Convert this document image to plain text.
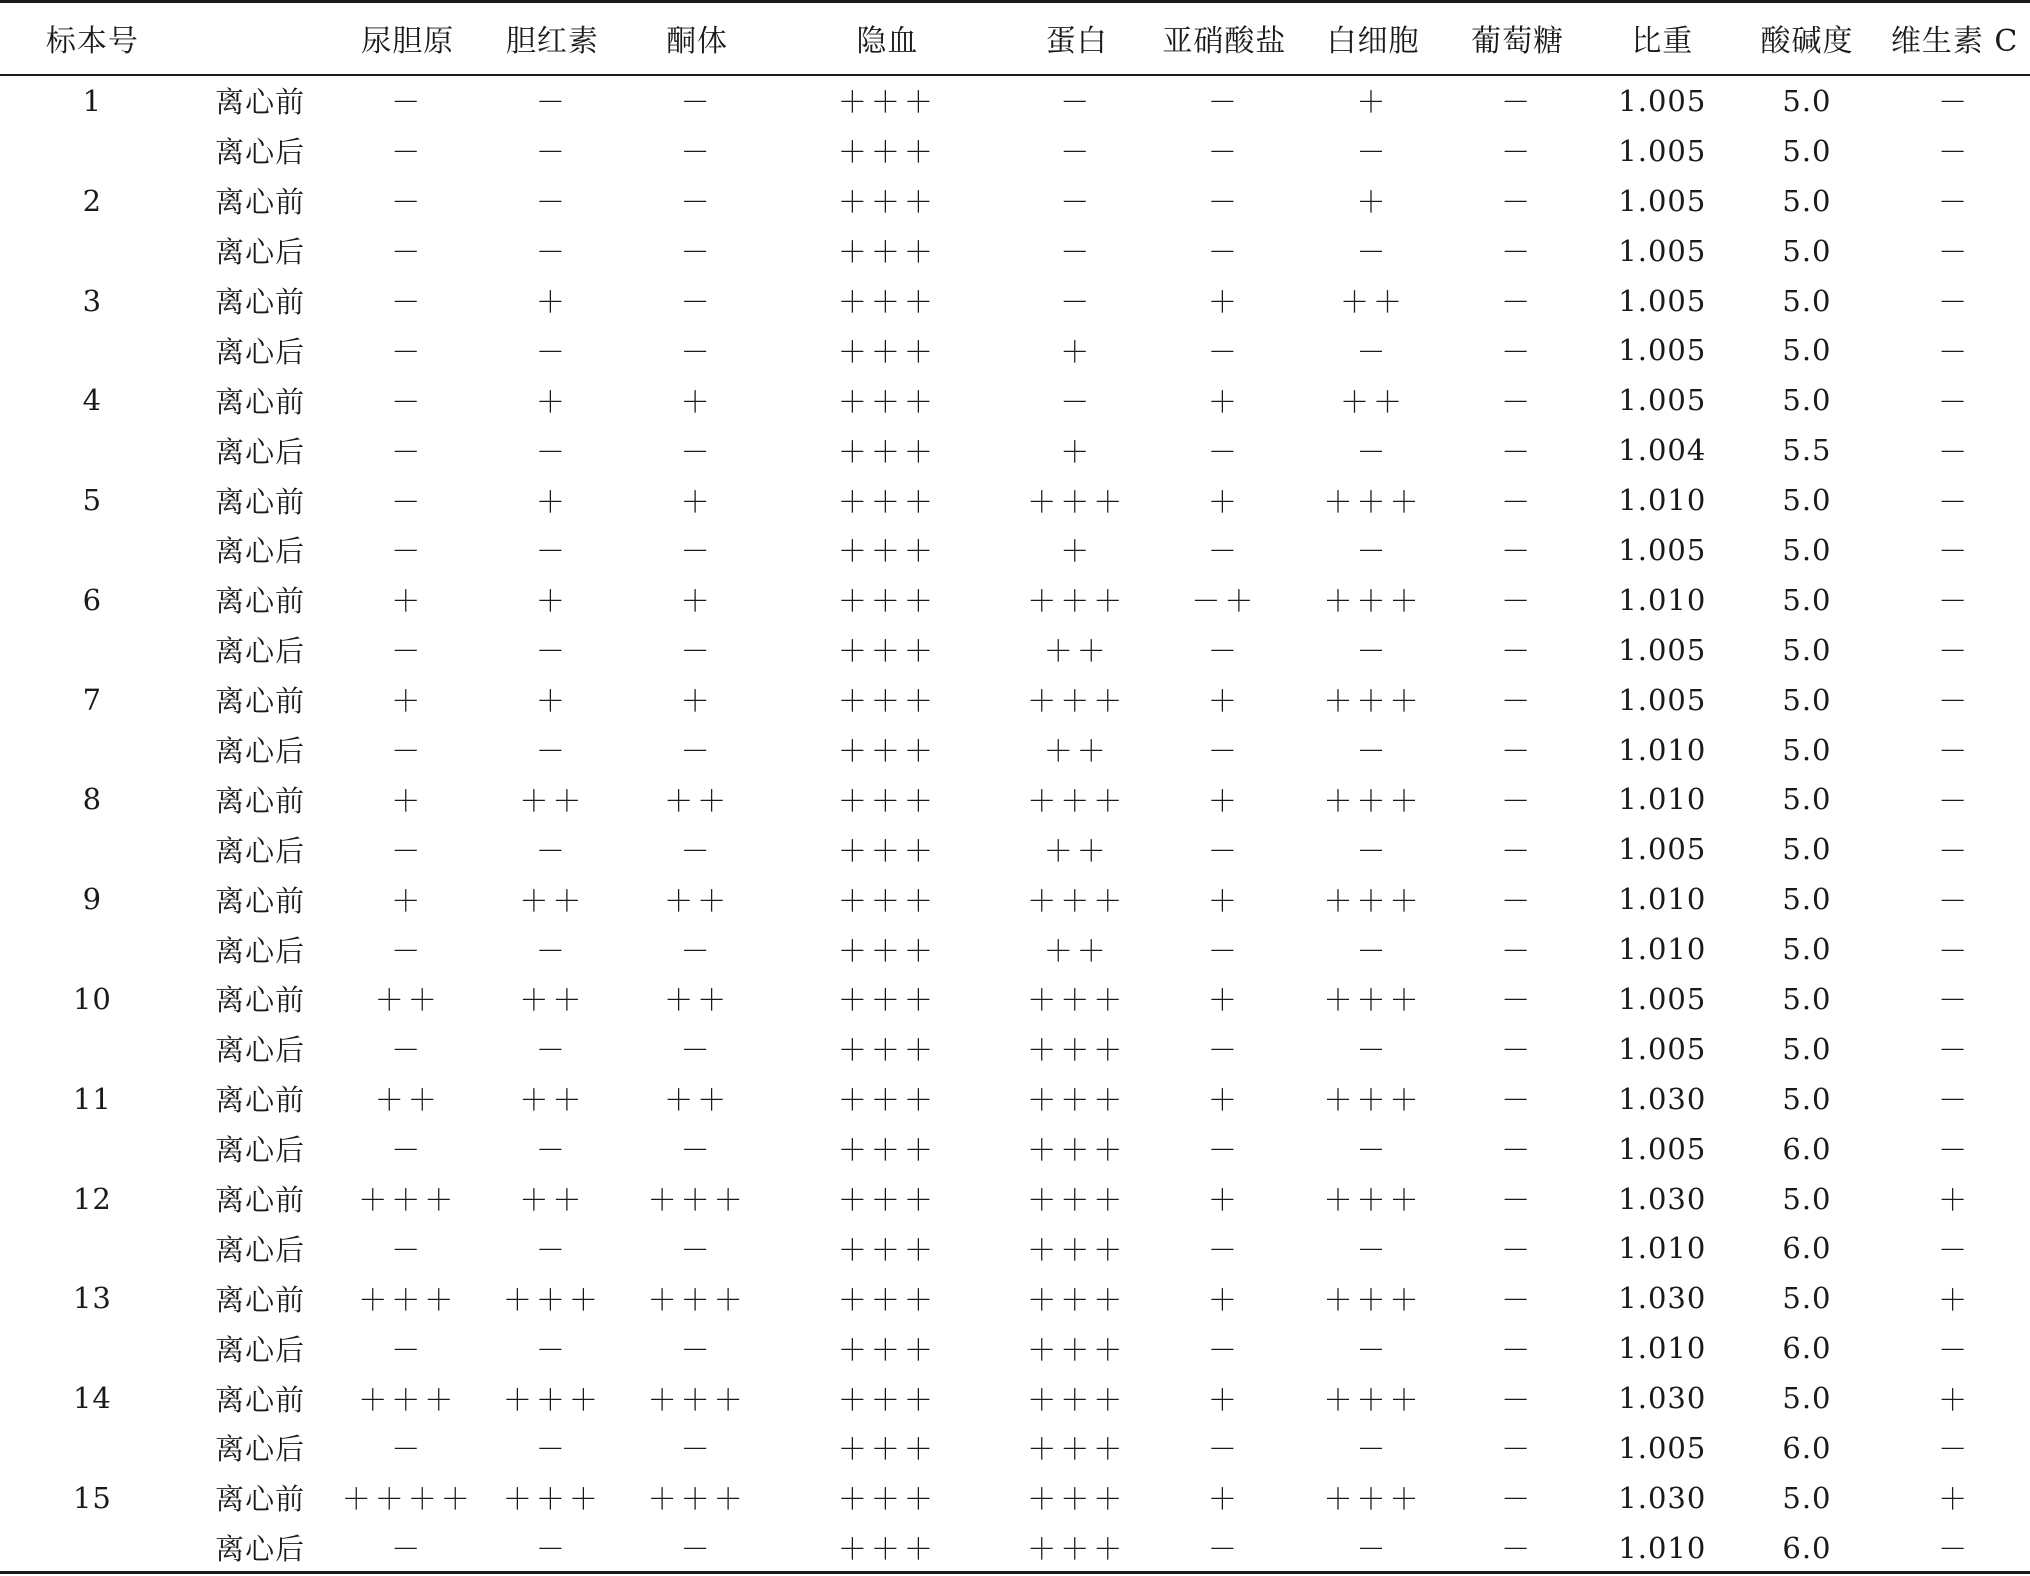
标本号		尿胆原	胆红素	酮体	隐血	蛋白	亚硝酸盐	白细胞	葡萄糖	比重	酸碱度	维生素 C
1	离心前	－	－	－	＋＋＋	－	－	＋	－	1.005	5.0	－
	离心后	－	－	－	＋＋＋	－	－	－	－	1.005	5.0	－
2	离心前	－	－	－	＋＋＋	－	－	＋	－	1.005	5.0	－
	离心后	－	－	－	＋＋＋	－	－	－	－	1.005	5.0	－
3	离心前	－	＋	－	＋＋＋	－	＋	＋＋	－	1.005	5.0	－
	离心后	－	－	－	＋＋＋	＋	－	－	－	1.005	5.0	－
4	离心前	－	＋	＋	＋＋＋	－	＋	＋＋	－	1.005	5.0	－
	离心后	－	－	－	＋＋＋	＋	－	－	－	1.004	5.5	－
5	离心前	－	＋	＋	＋＋＋	＋＋＋	＋	＋＋＋	－	1.010	5.0	－
	离心后	－	－	－	＋＋＋	＋	－	－	－	1.005	5.0	－
6	离心前	＋	＋	＋	＋＋＋	＋＋＋	－＋	＋＋＋	－	1.010	5.0	－
	离心后	－	－	－	＋＋＋	＋＋	－	－	－	1.005	5.0	－
7	离心前	＋	＋	＋	＋＋＋	＋＋＋	＋	＋＋＋	－	1.005	5.0	－
	离心后	－	－	－	＋＋＋	＋＋	－	－	－	1.010	5.0	－
8	离心前	＋	＋＋	＋＋	＋＋＋	＋＋＋	＋	＋＋＋	－	1.010	5.0	－
	离心后	－	－	－	＋＋＋	＋＋	－	－	－	1.005	5.0	－
9	离心前	＋	＋＋	＋＋	＋＋＋	＋＋＋	＋	＋＋＋	－	1.010	5.0	－
	离心后	－	－	－	＋＋＋	＋＋	－	－	－	1.010	5.0	－
10	离心前	＋＋	＋＋	＋＋	＋＋＋	＋＋＋	＋	＋＋＋	－	1.005	5.0	－
	离心后	－	－	－	＋＋＋	＋＋＋	－	－	－	1.005	5.0	－
11	离心前	＋＋	＋＋	＋＋	＋＋＋	＋＋＋	＋	＋＋＋	－	1.030	5.0	－
	离心后	－	－	－	＋＋＋	＋＋＋	－	－	－	1.005	6.0	－
12	离心前	＋＋＋	＋＋	＋＋＋	＋＋＋	＋＋＋	＋	＋＋＋	－	1.030	5.0	＋
	离心后	－	－	－	＋＋＋	＋＋＋	－	－	－	1.010	6.0	－
13	离心前	＋＋＋	＋＋＋	＋＋＋	＋＋＋	＋＋＋	＋	＋＋＋	－	1.030	5.0	＋
	离心后	－	－	－	＋＋＋	＋＋＋	－	－	－	1.010	6.0	－
14	离心前	＋＋＋	＋＋＋	＋＋＋	＋＋＋	＋＋＋	＋	＋＋＋	－	1.030	5.0	＋
	离心后	－	－	－	＋＋＋	＋＋＋	－	－	－	1.005	6.0	－
15	离心前	＋＋＋＋	＋＋＋	＋＋＋	＋＋＋	＋＋＋	＋	＋＋＋	－	1.030	5.0	＋
	离心后	－	－	－	＋＋＋	＋＋＋	－	－	－	1.010	6.0	－
